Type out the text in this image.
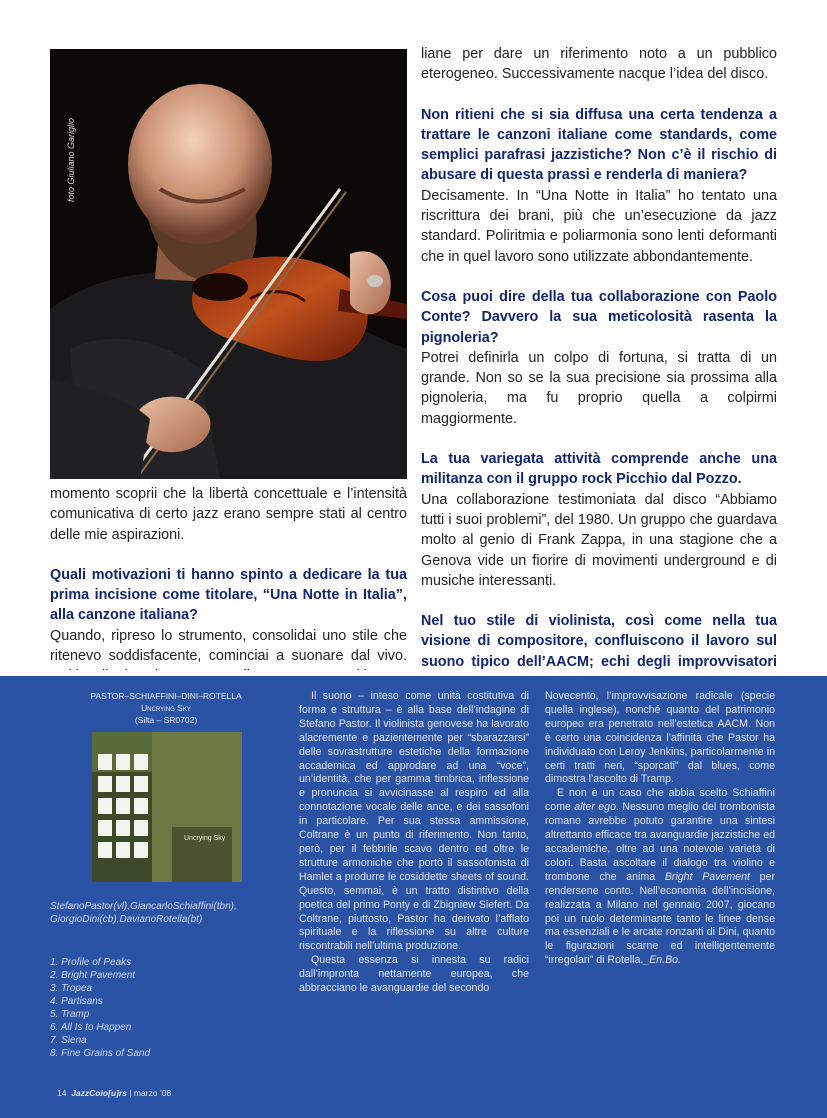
foto Giuliano Gariglio

momento scoprii che la libertà concettuale e l’intensità comunicativa di certo jazz erano sempre stati al centro delle mie aspirazioni.

Quali motivazioni ti hanno spinto a dedicare la tua prima incisione come titolare, “Una Notte in Italia”, alla canzone italiana?

Quando, ripreso lo strumento, consolidai uno stile che ritenevo soddisfacente, cominciai a suonare dal vivo.

liane per dare un riferimento noto a un pubblico eterogeneo. Successivamente nacque l’idea del disco.

Non ritieni che si sia diffusa una certa tendenza a trattare le canzoni italiane come standards, come semplici parafrasi jazzistiche? Non c’è il rischio di abusare di questa prassi e renderla di maniera?

Decisamente. In “Una Notte in Italia” ho tentato una riscrittura dei brani, più che un’esecuzione da jazz standard. Poliritmia e poliarmonia sono lenti deformanti che in quel lavoro sono utilizzate abbondantemente.

Cosa puoi dire della tua collaborazione con Paolo Conte? Davvero la sua meticolosità rasenta la pignoleria?

Potrei definirla un colpo di fortuna, si tratta di un grande. Non so se la sua precisione sia prossima alla pignoleria, ma fu proprio quella a colpirmi maggiormente.

La tua variegata attività comprende anche una militanza con il gruppo rock Picchio dal Pozzo.

Una collaborazione testimoniata dal disco “Abbiamo tutti i suoi problemi”, del 1980. Un gruppo che guardava molto al genio di Frank Zappa, in una stagione che a Genova vide un fiorire di movimenti underground e di musiche interessanti.

Nel tuo stile di violinista, così come nella tua visione di compositore, confluiscono il lavoro sul suono tipico dell’AACM; echi degli improvvisatori
PASTOR–SCHIAFFINI–DINI–ROTELLA
Uncrying Sky
(Silta – SR0702)
Uncrying Sky
StefanoPastor(vl),GiancarloSchiaffini(tbn), GiorgioDini(cb),DavianoRotella(bt)
1. Profile of Peaks
2. Bright Pavement
3. Tropea
4. Partisans
5. Tramp
6. All Is to Happen
7. Siena
8. Fine Grains of Sand

Il suono – inteso come unità costitutiva di forma e struttura – è alla base dell’indagine di Stefano Pastor. Il violinista genovese ha lavorato alacremente e pazientemente per “sbarazzarsi” delle sovrastrutture estetiche della formazione accademica ed approdare ad una “voce”, un’identità, che per gamma timbrica, inflessione e pronuncia si avvicinasse al respiro ed alla connotazione vocale delle ance, e dei sassofoni in particolare. Per sua stessa ammissione, Coltrane è un punto di riferimento. Non tanto, però, per il febbrile scavo dentro ed oltre le strutture armoniche che portò il sassofonista di Hamlet a produrre le cosiddette sheets of sound. Questo, semmai, è un tratto distintivo della poetica del primo Ponty e di Zbigniew Siefert. Da Coltrane, piuttosto, Pastor ha derivato l’afflato spirituale e la riflessione su altre culture riscontrabili nell’ultima produzione.

Questa essenza si innesta su radici dall’impronta nettamente europea, che abbracciano le avanguardie del secondo

Novecento, l’improvvisazione radicale (specie quella inglese), nonché quanto del patrimonio europeo era penetrato nell’estetica AACM. Non è certo una coincidenza l’affinità che Pastor ha individuato con Leroy Jenkins, particolarmente in certi tratti neri, “sporcati” dal blues, come dimostra l’ascolto di Tramp.

E non è un caso che abbia scelto Schiaffini come alter ego. Nessuno meglio del trombonista romano avrebbe potuto garantire una sintesi altrettanto efficace tra avanguardie jazzistiche ed accademiche, oltre ad una notevole varietà di colori. Basta ascoltare il dialogo tra violino e trombone che anima Bright Pavement per rendersene conto. Nell’economia dell’incisione, realizzata a Milano nel gennaio 2007, giocano poi un ruolo determinante tanto le linee dense ma essenziali e le arcate ronzanti di Dini, quanto le figurazioni scarne ed intelligentemente “irregolari” di Rotella._En.Bo.

14 JazzColo[u]rs | marzo ’08
